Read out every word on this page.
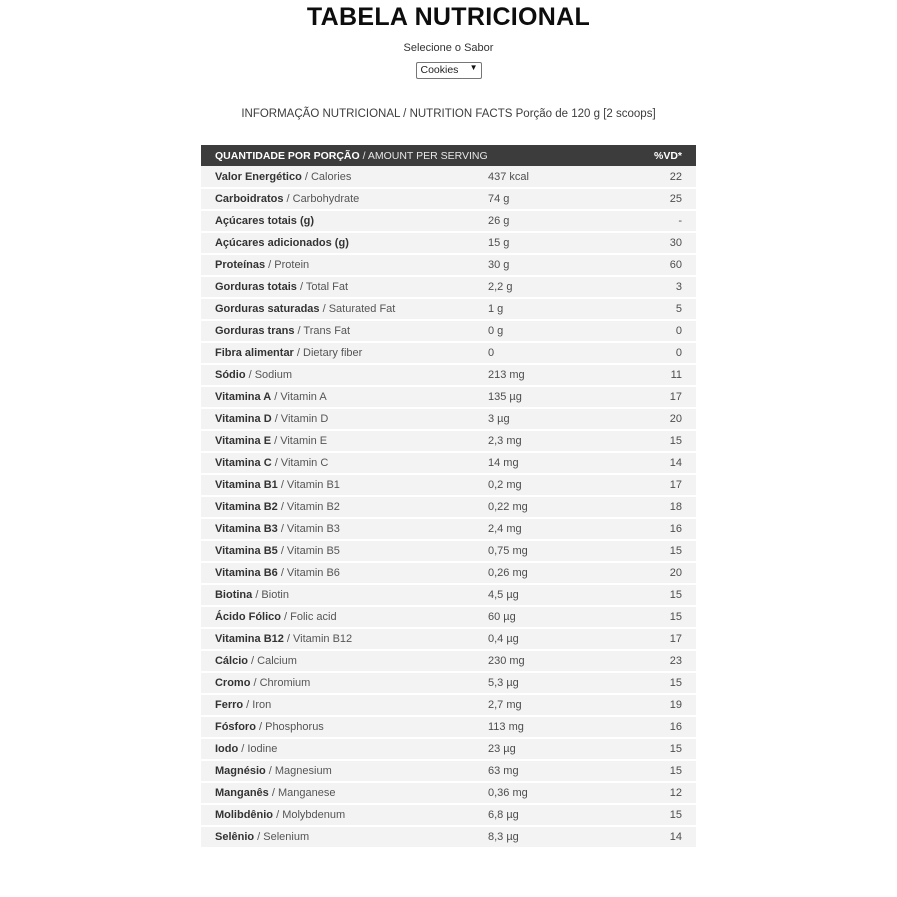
TABELA NUTRICIONAL
Selecione o Sabor
Cookies
▼
INFORMAÇÃO NUTRICIONAL / NUTRITION FACTS Porção de 120 g [2 scoops]
QUANTIDADE POR PORÇÃO / AMOUNT PER SERVING		%VD*
Valor Energético / Calories	437 kcal	22
Carboidratos / Carbohydrate	74 g	25
Açúcares totais (g)	26 g	-
Açúcares adicionados (g)	15 g	30
Proteínas / Protein	30 g	60
Gorduras totais / Total Fat	2,2 g	3
Gorduras saturadas / Saturated Fat	1 g	5
Gorduras trans / Trans Fat	0 g	0
Fibra alimentar / Dietary fiber	0	0
Sódio / Sodium	213 mg	11
Vitamina A / Vitamin A	135 µg	17
Vitamina D / Vitamin D	3 µg	20
Vitamina E / Vitamin E	2,3 mg	15
Vitamina C / Vitamin C	14 mg	14
Vitamina B1 / Vitamin B1	0,2 mg	17
Vitamina B2 / Vitamin B2	0,22 mg	18
Vitamina B3 / Vitamin B3	2,4 mg	16
Vitamina B5 / Vitamin B5	0,75 mg	15
Vitamina B6 / Vitamin B6	0,26 mg	20
Biotina / Biotin	4,5 µg	15
Ácido Fólico / Folic acid	60 µg	15
Vitamina B12 / Vitamin B12	0,4 µg	17
Cálcio / Calcium	230 mg	23
Cromo / Chromium	5,3 µg	15
Ferro / Iron	2,7 mg	19
Fósforo / Phosphorus	113 mg	16
Iodo / Iodine	23 µg	15
Magnésio / Magnesium	63 mg	15
Manganês / Manganese	0,36 mg	12
Molibdênio / Molybdenum	6,8 µg	15
Selênio / Selenium	8,3 µg	14
